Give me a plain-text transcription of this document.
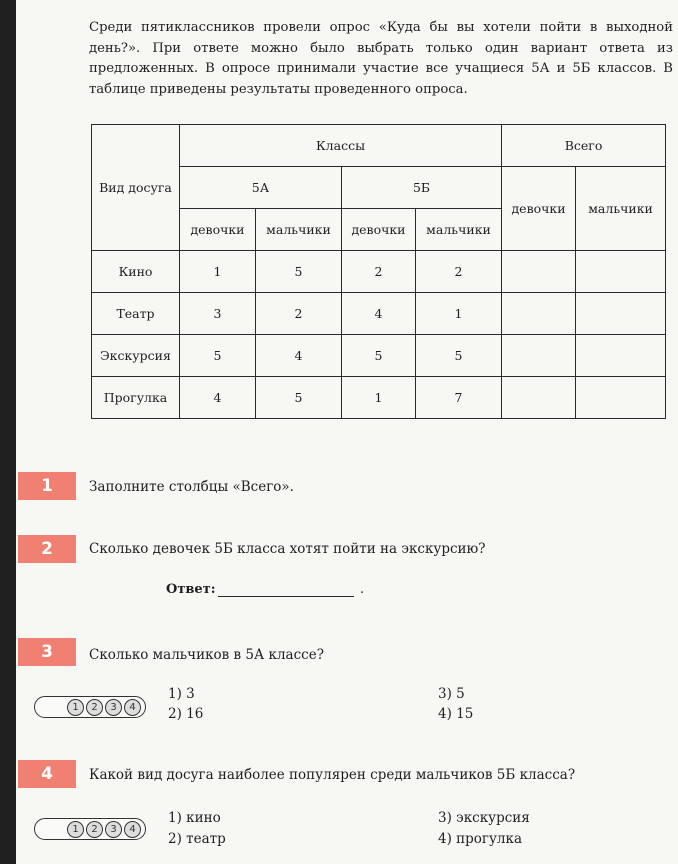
Среди пятиклассников провели опрос «Куда бы вы хотели пойти в выходной день?». При ответе можно было выбрать только один вариант ответа из предложенных. В опросе принимали участие все учащиеся 5А и 5Б классов. В таблице приведены результаты проведенного опроса.
Вид досуга	Классы				Всего	
	5А		5Б		девочки	мальчики
	девочки	мальчики	девочки	мальчики		
Кино	1	5	2	2		
Театр	3	2	4	1		
Экскурсия	5	4	5	5		
Прогулка	4	5	1	7		
1	Заполните столбцы «Всего».
2	Сколько девочек 5Б класса хотят пойти на экскурсию?
Ответ:	.
3	Сколько мальчиков в 5А классе?
1	2	3	4
1) 3
2) 16
3) 5
4) 15
4	Какой вид досуга наиболее популярен среди мальчиков 5Б класса?
1	2	3	4
1) кино
2) театр
3) экскурсия
4) прогулка
